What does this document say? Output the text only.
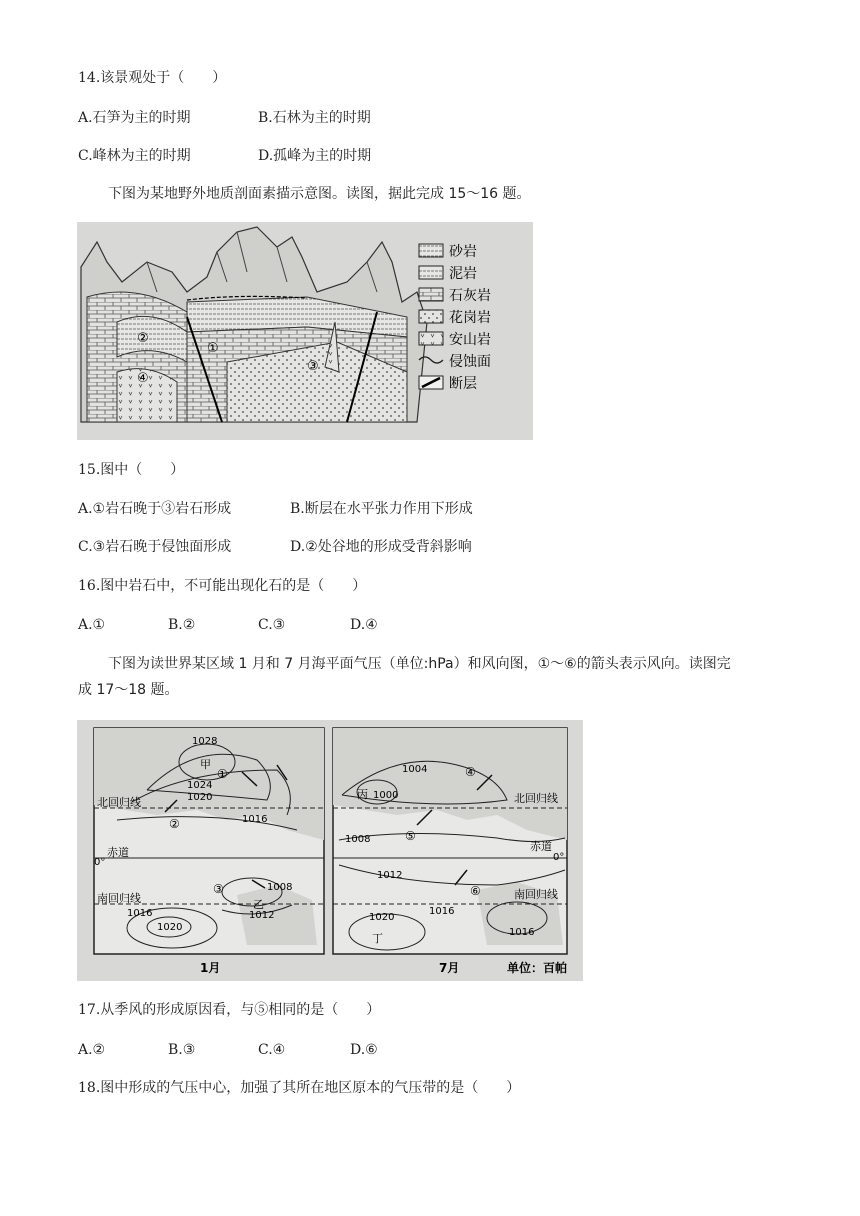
14.该景观处于（　　）
A.石笋为主的时期	B.石林为主的时期
C.峰林为主的时期	D.孤峰为主的时期
下图为某地野外地质剖面素描示意图。读图，据此完成 15～16 题。
②
④
③
①
砂岩
泥岩
石灰岩
花岗岩
安山岩
侵蚀面
断层
15.图中（　　）
A.①岩石晚于③岩石形成	B.断层在水平张力作用下形成
C.③岩石晚于侵蚀面形成	D.②处谷地的形成受背斜影响
16.图中岩石中，不可能出现化石的是（　　）
A.①	B.②	C.③	D.④
下图为读世界某区域 1 月和 7 月海平面气压（单位:hPa）和风向图，①～⑥的箭头表示风向。读图完
成 17～18 题。
北回归线
赤道
0°
南回归线
甲
乙
1028
1024
1020
1016
1008
1012
1016
1020
①
②
③
1004
1000
丙
1008
1012
1016
1020
1016
丁
北回归线
赤道
0°
南回归线
④
⑤
⑥
1月	7月	单位：百帕
17.从季风的形成原因看，与⑤相同的是（　　）
A.②	B.③	C.④	D.⑥
18.图中形成的气压中心，加强了其所在地区原本的气压带的是（　　）
